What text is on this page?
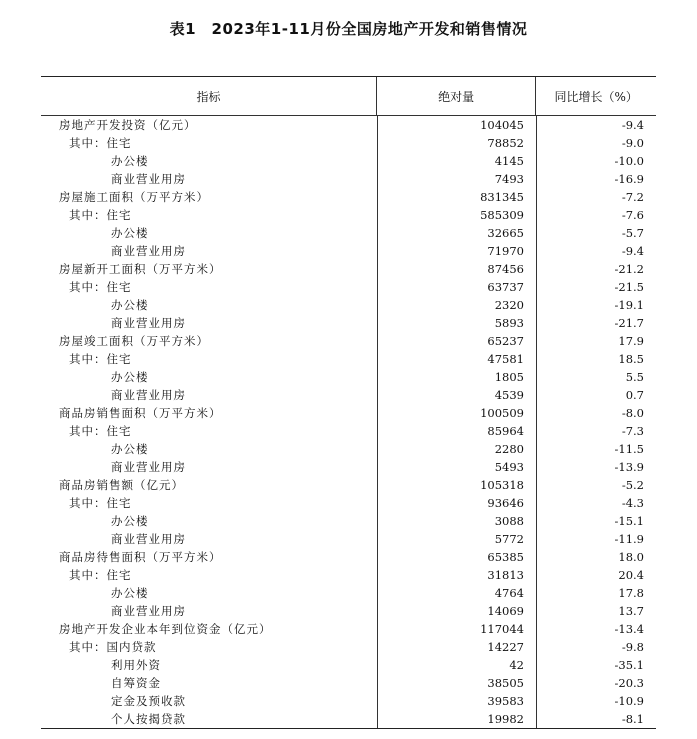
表1　2023年1-11月份全国房地产开发和销售情况
指标	绝对量	同比增长（%）
房地产开发投资（亿元）	104045	-9.4
其中：住宅	78852	-9.0
办公楼	4145	-10.0
商业营业用房	7493	-16.9
房屋施工面积（万平方米）	831345	-7.2
其中：住宅	585309	-7.6
办公楼	32665	-5.7
商业营业用房	71970	-9.4
房屋新开工面积（万平方米）	87456	-21.2
其中：住宅	63737	-21.5
办公楼	2320	-19.1
商业营业用房	5893	-21.7
房屋竣工面积（万平方米）	65237	17.9
其中：住宅	47581	18.5
办公楼	1805	5.5
商业营业用房	4539	0.7
商品房销售面积（万平方米）	100509	-8.0
其中：住宅	85964	-7.3
办公楼	2280	-11.5
商业营业用房	5493	-13.9
商品房销售额（亿元）	105318	-5.2
其中：住宅	93646	-4.3
办公楼	3088	-15.1
商业营业用房	5772	-11.9
商品房待售面积（万平方米）	65385	18.0
其中：住宅	31813	20.4
办公楼	4764	17.8
商业营业用房	14069	13.7
房地产开发企业本年到位资金（亿元）	117044	-13.4
其中：国内贷款	14227	-9.8
利用外资	42	-35.1
自筹资金	38505	-20.3
定金及预收款	39583	-10.9
个人按揭贷款	19982	-8.1
